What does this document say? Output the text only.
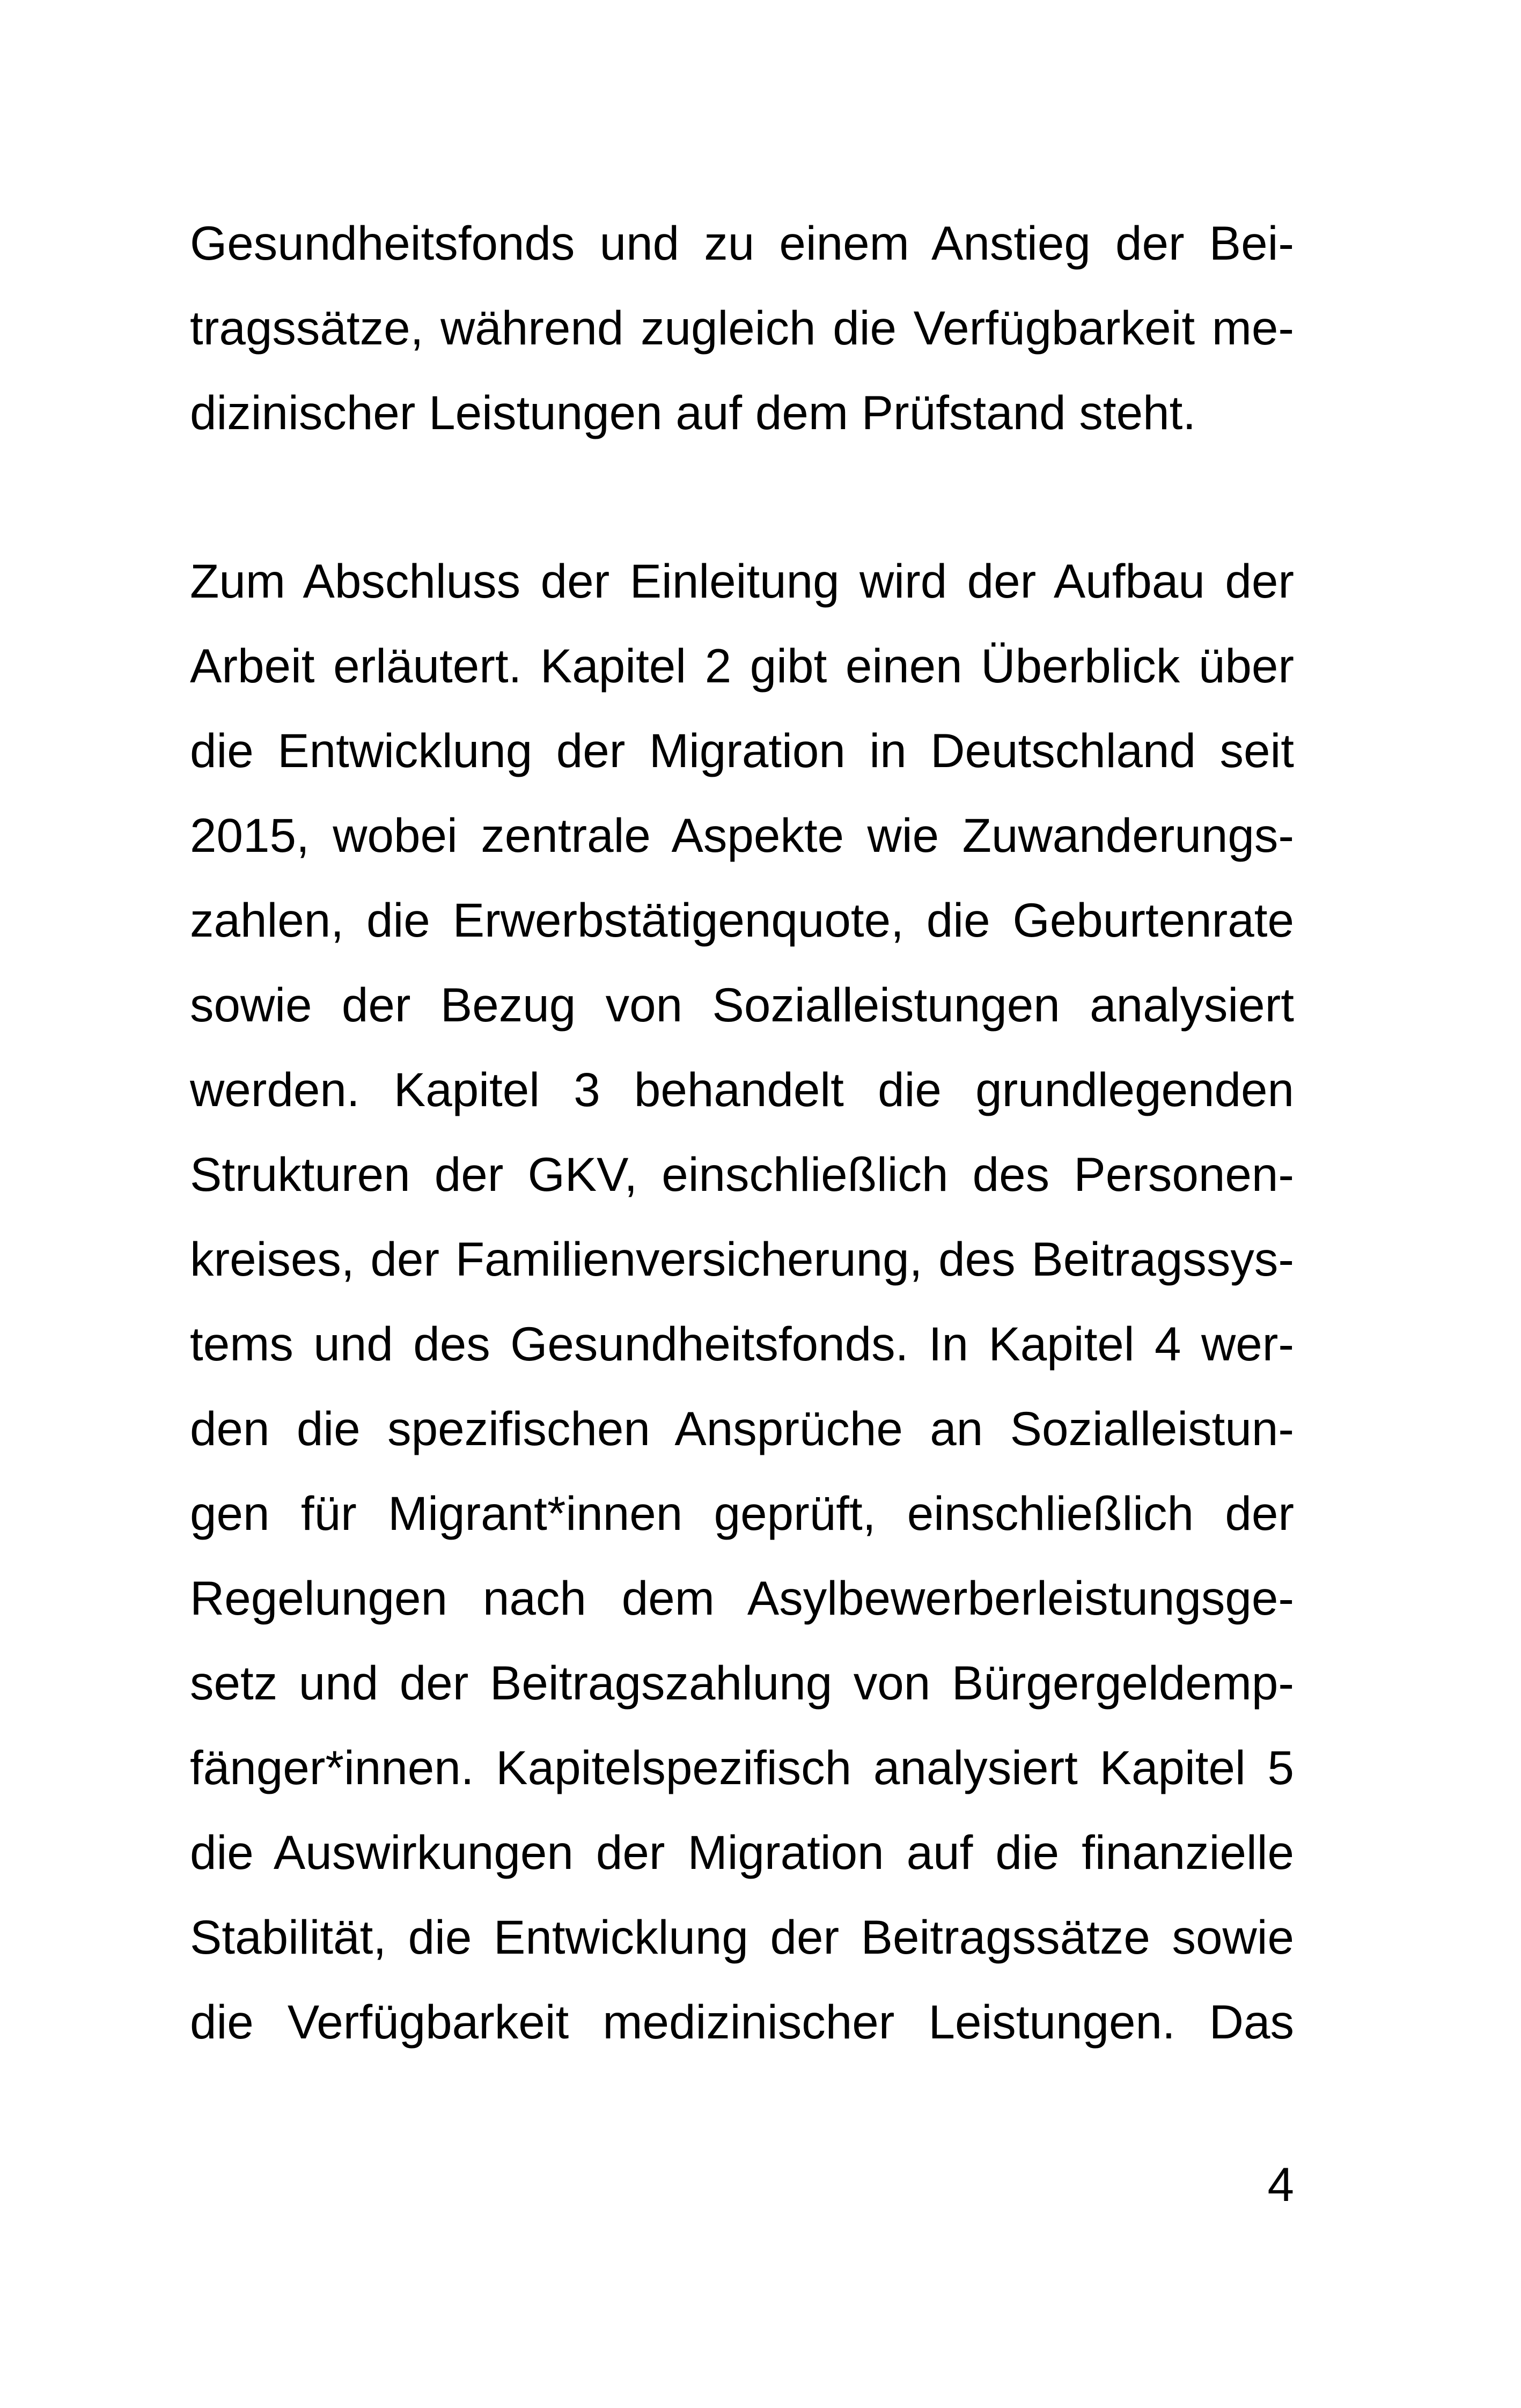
Gesundheitsfonds und zu einem Anstieg der Bei-
tragssätze, während zugleich die Verfügbarkeit me-
dizinischer Leistungen auf dem Prüfstand steht.
Zum Abschluss der Einleitung wird der Aufbau der
Arbeit erläutert. Kapitel 2 gibt einen Überblick über
die Entwicklung der Migration in Deutschland seit
2015, wobei zentrale Aspekte wie Zuwanderungs-
zahlen, die Erwerbstätigenquote, die Geburtenrate
sowie der Bezug von Sozialleistungen analysiert
werden. Kapitel 3 behandelt die grundlegenden
Strukturen der GKV, einschließlich des Personen-
kreises, der Familienversicherung, des Beitragssys-
tems und des Gesundheitsfonds. In Kapitel 4 wer-
den die spezifischen Ansprüche an Sozialleistun-
gen für Migrant*innen geprüft, einschließlich der
Regelungen nach dem Asylbewerberleistungsge-
setz und der Beitragszahlung von Bürgergeldemp-
fänger*innen. Kapitelspezifisch analysiert Kapitel 5
die Auswirkungen der Migration auf die finanzielle
Stabilität, die Entwicklung der Beitragssätze sowie
die Verfügbarkeit medizinischer Leistungen. Das
4
